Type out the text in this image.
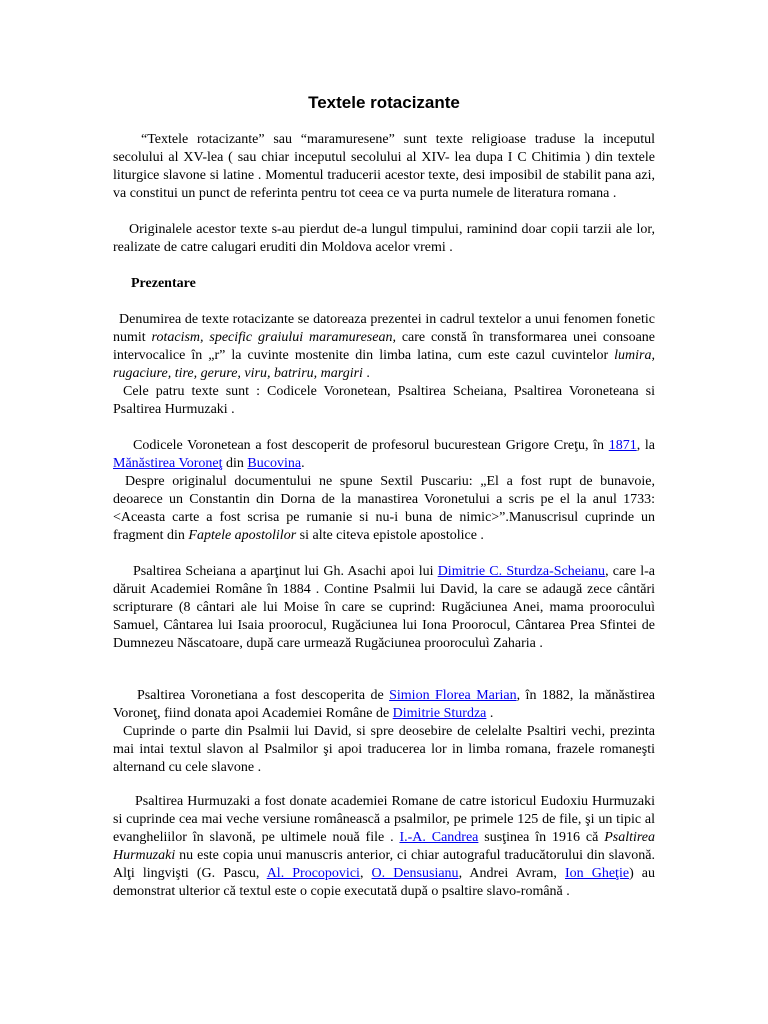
Textele rotacizante

“Textele rotacizante” sau “maramuresene” sunt texte religioase traduse la inceputul secolului al XV-lea ( sau chiar inceputul secolului al XIV- lea dupa I C Chitimia ) din textele liturgice slavone si latine . Momentul traducerii acestor texte, desi imposibil de stabilit pana azi, va constitui un punct de referinta pentru tot ceea ce va purta numele de literatura romana .

Originalele acestor texte s-au pierdut de-a lungul timpului, raminind doar copii tarzii ale lor, realizate de catre calugari eruditi din Moldova acelor vremi .

Prezentare

Denumirea de texte rotacizante se datoreaza prezentei in cadrul textelor a unui fenomen fonetic numit rotacism, specific graiului maramuresean, care constă în transformarea unei consoane intervocalice în „r” la cuvinte mostenite din limba latina, cum este cazul cuvintelor lumira, rugaciure, tire, gerure, viru, batriru, margiri .

Cele patru texte sunt : Codicele Voronetean, Psaltirea Scheiana, Psaltirea Voroneteana si Psaltirea Hurmuzaki .

Codicele Voronetean a fost descoperit de profesorul bucurestean Grigore Creţu, în 1871, la Mănăstirea Voroneţ din Bucovina.

Despre originalul documentului ne spune Sextil Puscariu: „El a fost rupt de bunavoie, deoarece un Constantin din Dorna de la manastirea Voronetului a scris pe el la anul 1733: <Aceasta carte a fost scrisa pe rumanie si nu-i buna de nimic>”.Manuscrisul cuprinde un fragment din Faptele apostolilor si alte citeva epistole apostolice .

Psaltirea Scheiana a aparţinut lui Gh. Asachi apoi lui Dimitrie C. Sturdza-Scheianu, care l-a dăruit Academiei Române în 1884 . Contine Psalmii lui David, la care se adaugă zece cântări scripturare (8 cântari ale lui Moise în care se cuprind: Rugăciunea Anei, mama prooroculuì Samuel, Cântarea lui Isaia proorocul, Rugăciunea lui Iona Proorocul, Cântarea Prea Sfintei de Dumnezeu Născatoare, după care urmează Rugăciunea prooroculuì Zaharia .

Psaltirea Voronetiana a fost descoperita de Simion Florea Marian, în 1882, la mănăstirea Voroneţ, fiind donata apoi Academiei Române de Dimitrie Sturdza .

Cuprinde o parte din Psalmii lui David, si spre deosebire de celelalte Psaltiri vechi, prezinta mai intai textul slavon al Psalmilor şi apoi traducerea lor in limba romana, frazele romaneşti alternand cu cele slavone .

Psaltirea Hurmuzaki a fost donate academiei Romane de catre istoricul Eudoxiu Hurmuzaki si cuprinde cea mai veche versiune românească a psalmilor, pe primele 125 de file, şi un tipic al evangheliilor în slavonă, pe ultimele nouă file . I.-A. Candrea susţinea în 1916 că Psaltirea Hurmuzaki nu este copia unui manuscris anterior, ci chiar autograful traducătorului din slavonă. Alţi lingvişti (G. Pascu, Al. Procopovici, O. Densusianu, Andrei Avram, Ion Gheţie) au demonstrat ulterior că textul este o copie executată după o psaltire slavo-română .
